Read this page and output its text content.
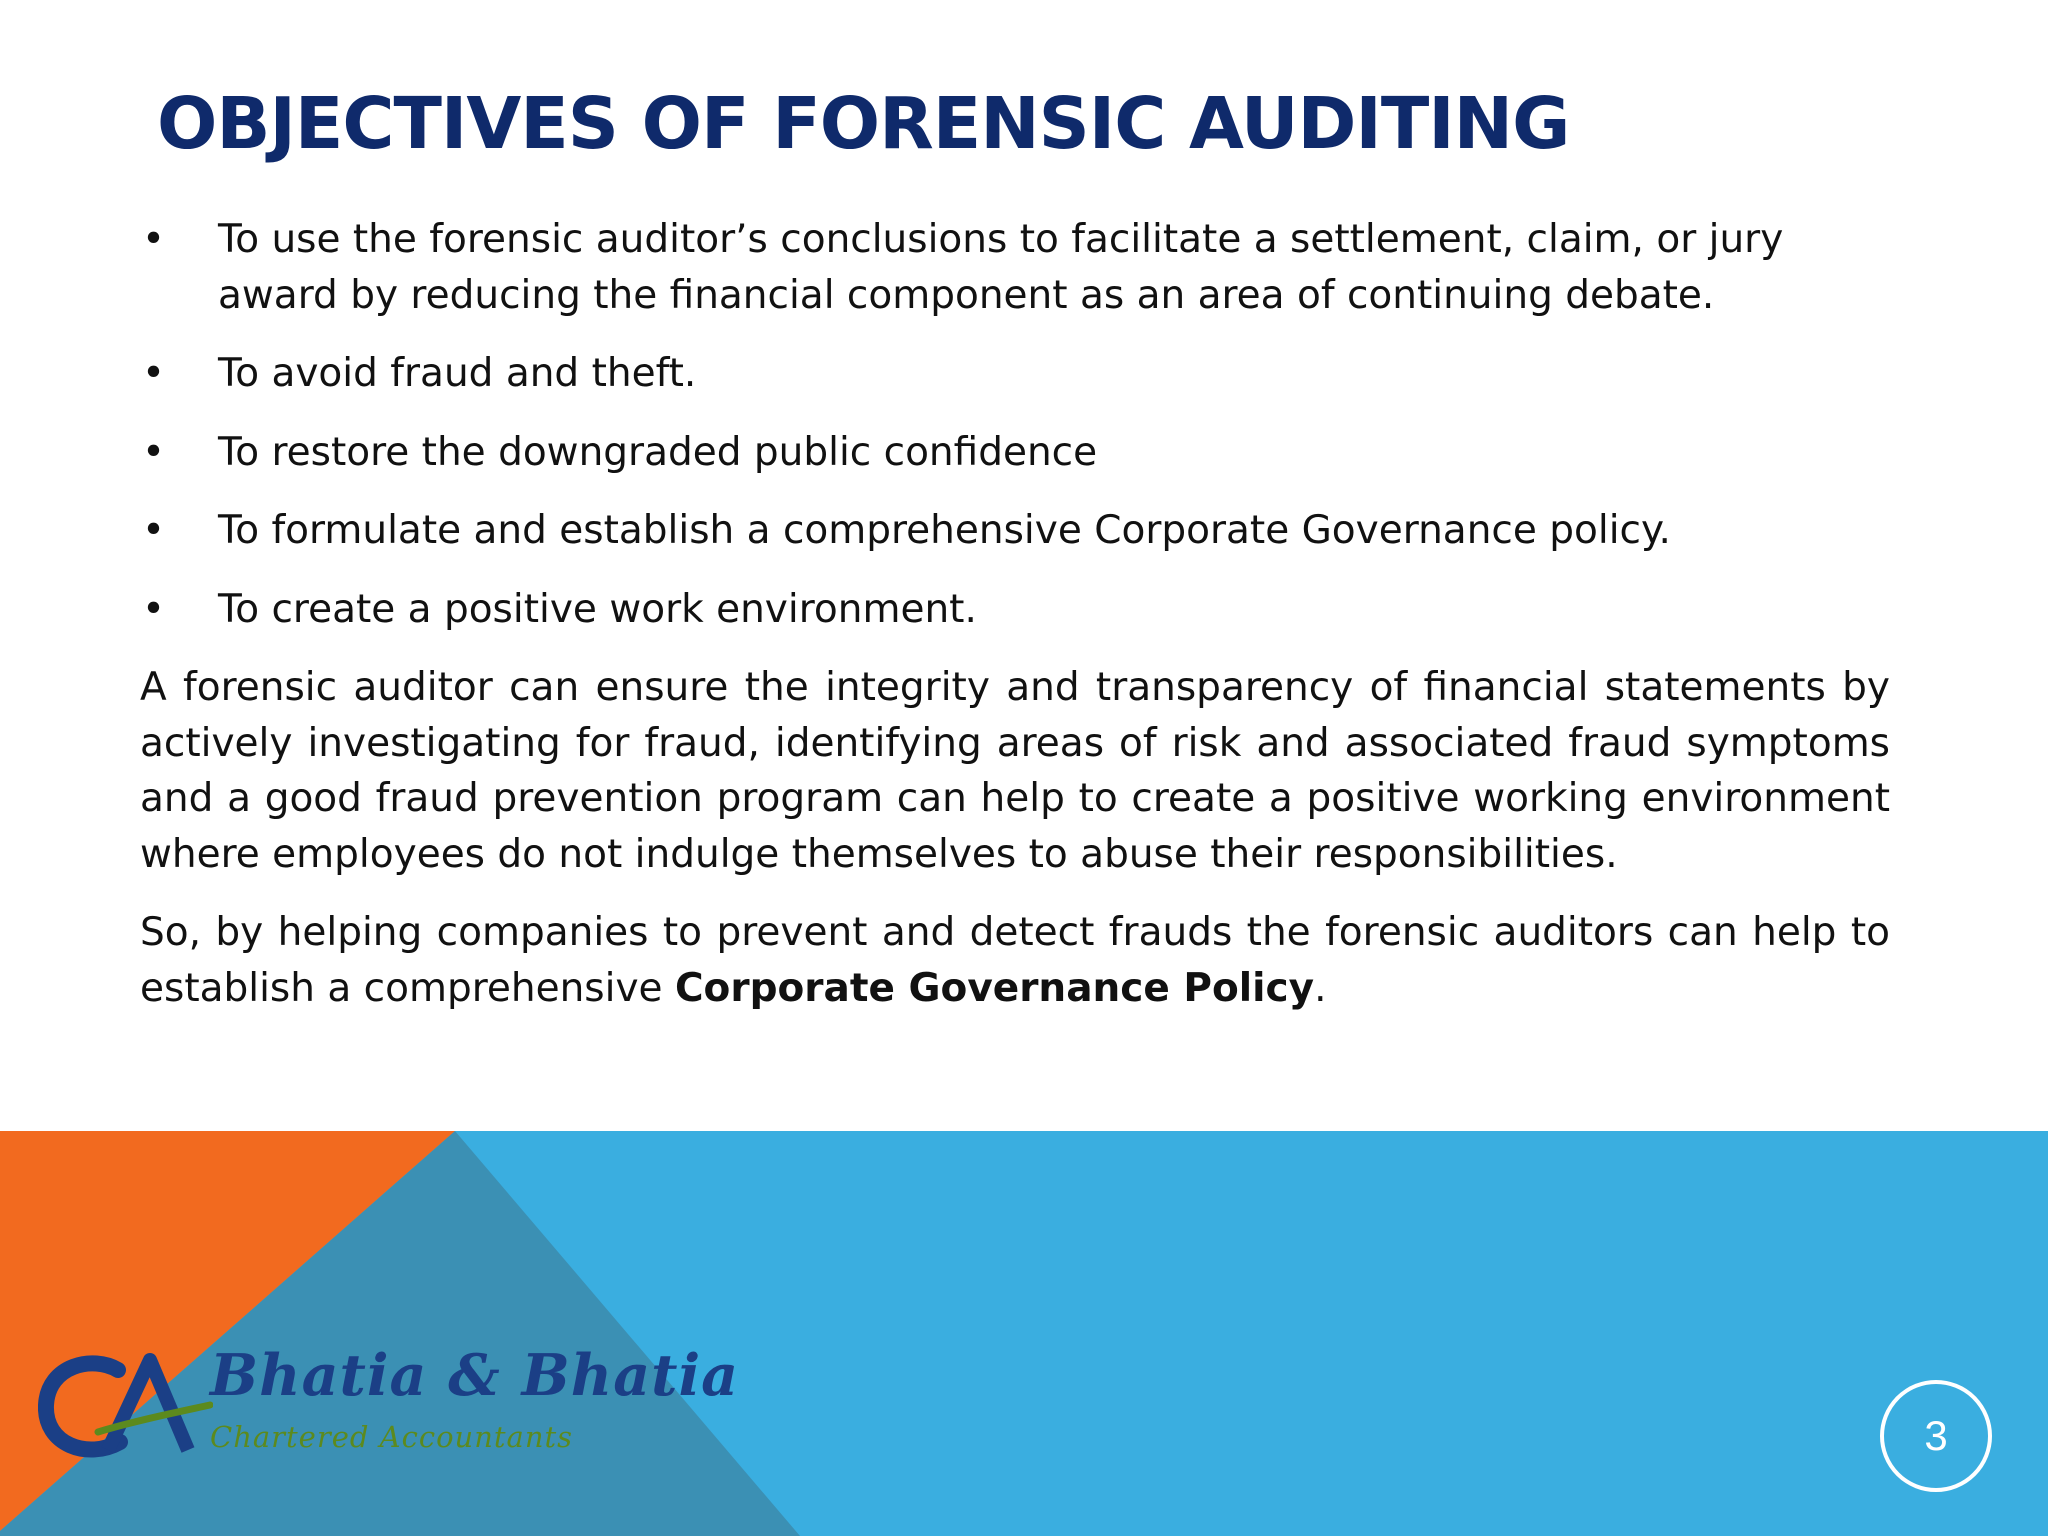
OBJECTIVES OF FORENSIC AUDITING
• To use the forensic auditor’s conclusions to facilitate a settlement, claim, or jury award by reducing the financial component as an area of continuing debate.
• To avoid fraud and theft.
• To restore the downgraded public confidence
• To formulate and establish a comprehensive Corporate Governance policy.
• To create a positive work environment.

A forensic auditor can ensure the integrity and transparency of financial statements by actively investigating for fraud, identifying areas of risk and associated fraud symptoms and a good fraud prevention program can help to create a positive working environment where employees do not indulge themselves to abuse their responsibilities.

So, by helping companies to prevent and detect frauds the forensic auditors can help to establish a comprehensive Corporate Governance Policy.

Bhatia & Bhatia
Chartered Accountants	3
